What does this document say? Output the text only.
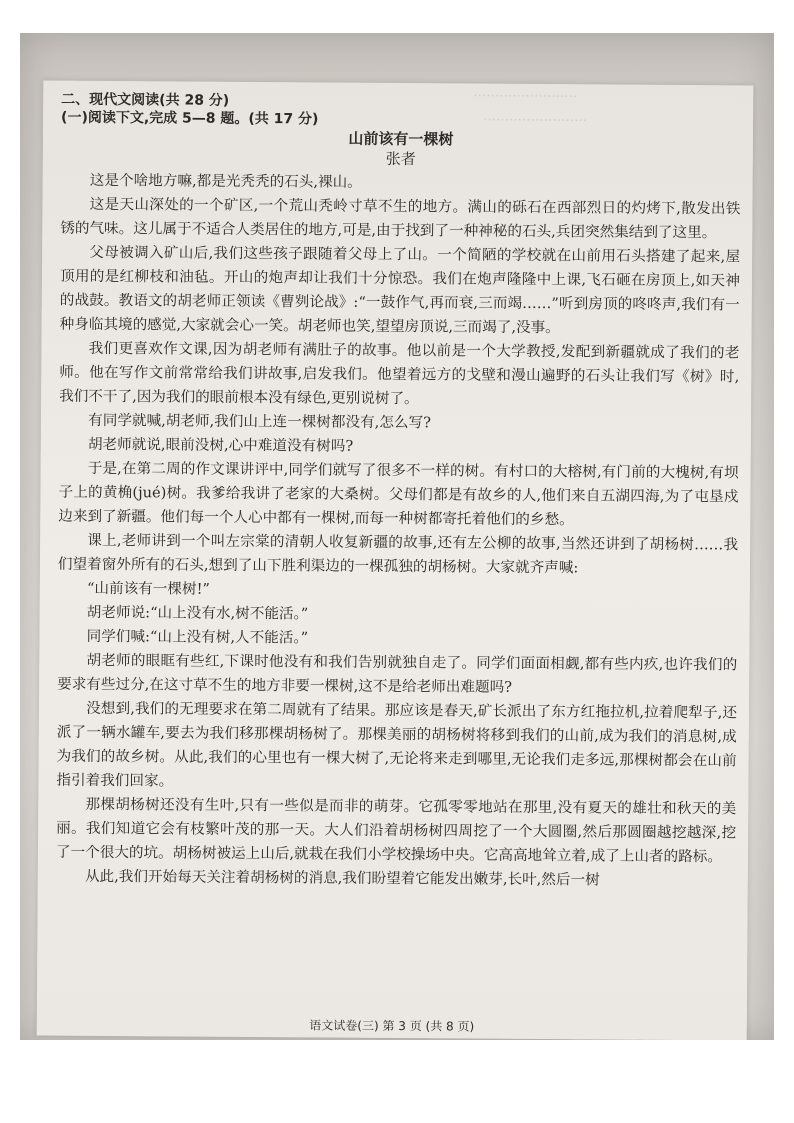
⋯⋯⋯⋯⋯⋯⋯⋯
⋯⋯⋯⋯⋯⋯⋯⋯

二、现代文阅读(共 28 分)

(一)阅读下文,完成 5—8 题。(共 17 分)

山前该有一棵树

张者

这是个啥地方嘛,都是光秃秃的石头,裸山。

这是天山深处的一个矿区,一个荒山秃岭寸草不生的地方。满山的砾石在西部烈日的灼烤下,散发出铁锈的气味。这儿属于不适合人类居住的地方,可是,由于找到了一种神秘的石头,兵团突然集结到了这里。

父母被调入矿山后,我们这些孩子跟随着父母上了山。一个简陋的学校就在山前用石头搭建了起来,屋顶用的是红柳枝和油毡。开山的炮声却让我们十分惊恐。我们在炮声隆隆中上课,飞石砸在房顶上,如天神的战鼓。教语文的胡老师正领读《曹刿论战》:“一鼓作气,再而衰,三而竭……”听到房顶的咚咚声,我们有一种身临其境的感觉,大家就会心一笑。胡老师也笑,望望房顶说,三而竭了,没事。

我们更喜欢作文课,因为胡老师有满肚子的故事。他以前是一个大学教授,发配到新疆就成了我们的老师。他在写作文前常常给我们讲故事,启发我们。他望着远方的戈壁和漫山遍野的石头让我们写《树》时,我们不干了,因为我们的眼前根本没有绿色,更别说树了。

有同学就喊,胡老师,我们山上连一棵树都没有,怎么写?

胡老师就说,眼前没树,心中难道没有树吗?

于是,在第二周的作文课讲评中,同学们就写了很多不一样的树。有村口的大榕树,有门前的大槐树,有坝子上的黄桷(jué)树。我爹给我讲了老家的大桑树。父母们都是有故乡的人,他们来自五湖四海,为了屯垦戍边来到了新疆。他们每一个人心中都有一棵树,而每一种树都寄托着他们的乡愁。

课上,老师讲到一个叫左宗棠的清朝人收复新疆的故事,还有左公柳的故事,当然还讲到了胡杨树……我们望着窗外所有的石头,想到了山下胜利渠边的一棵孤独的胡杨树。大家就齐声喊:

“山前该有一棵树!”

胡老师说:“山上没有水,树不能活。”

同学们喊:“山上没有树,人不能活。”

胡老师的眼眶有些红,下课时他没有和我们告别就独自走了。同学们面面相觑,都有些内疚,也许我们的要求有些过分,在这寸草不生的地方非要一棵树,这不是给老师出难题吗?

没想到,我们的无理要求在第二周就有了结果。那应该是春天,矿长派出了东方红拖拉机,拉着爬犁子,还派了一辆水罐车,要去为我们移那棵胡杨树了。那棵美丽的胡杨树将移到我们的山前,成为我们的消息树,成为我们的故乡树。从此,我们的心里也有一棵大树了,无论将来走到哪里,无论我们走多远,那棵树都会在山前指引着我们回家。

那棵胡杨树还没有生叶,只有一些似是而非的萌芽。它孤零零地站在那里,没有夏天的雄壮和秋天的美丽。我们知道它会有枝繁叶茂的那一天。大人们沿着胡杨树四周挖了一个大圆圈,然后那圆圈越挖越深,挖了一个很大的坑。胡杨树被运上山后,就栽在我们小学校操场中央。它高高地耸立着,成了上山者的路标。

从此,我们开始每天关注着胡杨树的消息,我们盼望着它能发出嫩芽,长叶,然后一树

语文试卷(三) 第 3 页 (共 8 页)
